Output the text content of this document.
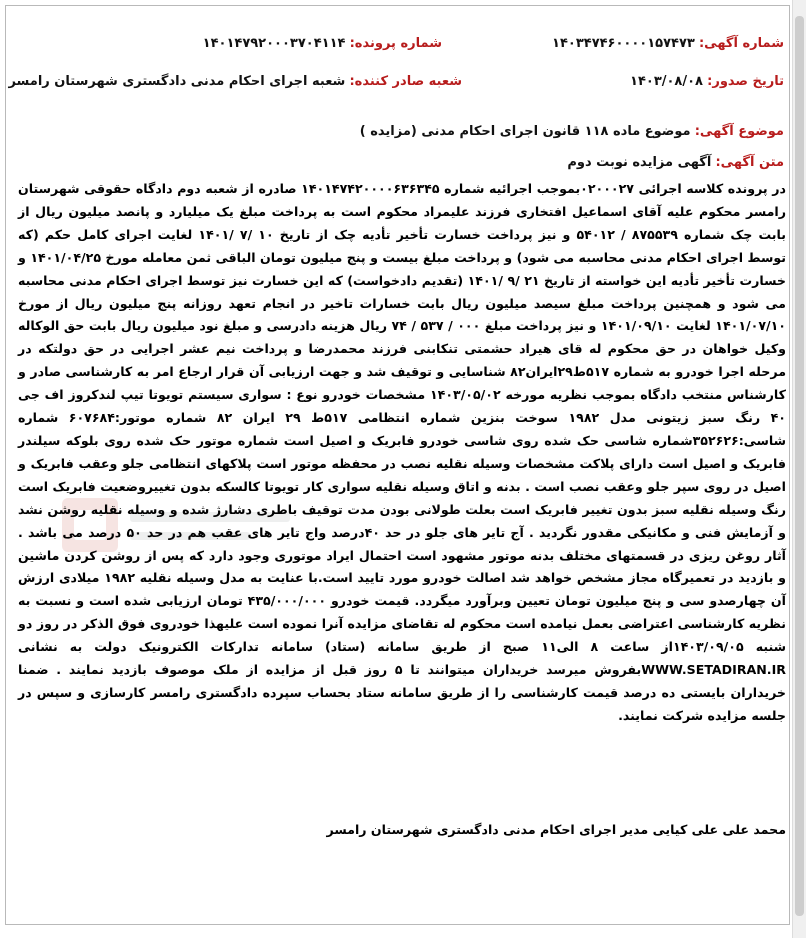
شماره آگهی: ۱۴۰۳۴۷۴۶۰۰۰۰۱۵۷۴۷۳
شماره پرونده: ۱۴۰۱۴۷۹۲۰۰۰۳۷۰۴۱۱۴
تاریخ صدور: ۱۴۰۳/۰۸/۰۸
شعبه صادر کننده: شعبه اجرای احکام مدنی دادگستری شهرستان رامسر
موضوع آگهی: موضوع ماده ۱۱۸ قانون اجرای احکام مدنی (مزایده )
متن آگهی: آگهی مزایده نوبت دوم

در پرونده کلاسه اجرائی ۰۲۰۰۰۲۷بموجب اجرائیه شماره ۱۴۰۱۴۷۴۲۰۰۰۰۶۳۶۳۴۵ صادره از شعبه دوم دادگاه حقوقی شهرستان رامسر محکوم علیه آقای اسماعیل افتخاری فرزند علیمراد محکوم است به پرداخت مبلغ یک میلیارد و پانصد میلیون ریال از بابت چک شماره ۸۷۵۵۳۹ / ۵۴۰۱۲ و نیز پرداخت خسارت تأخیر تأدیه چک از تاریخ ۱۰ /۷ /۱۴۰۱ لغایت اجرای کامل حکم (که توسط اجرای احکام مدنی محاسبه می شود) و پرداخت مبلغ بیست و پنج میلیون تومان الباقی ثمن معامله مورخ ۱۴۰۱/۰۴/۲۵ و خسارت تأخیر تأدیه این خواسته از تاریخ ۲۱ /۹ /۱۴۰۱ (تقدیم دادخواست) که این خسارت نیز توسط اجرای احکام مدنی محاسبه می شود و همچنین پرداخت مبلغ سیصد میلیون ریال بابت خسارات تاخیر در انجام تعهد روزانه پنج میلیون ریال از مورخ ۱۴۰۱/۰۷/۱۰ لغایت ۱۴۰۱/۰۹/۱۰ و نیز پرداخت مبلغ ۰۰۰ / ۵۳۷ / ۷۴ ریال هزینه دادرسی و مبلغ نود میلیون ریال بابت حق الوکاله وکیل خواهان در حق محکوم له قای هیراد حشمتی تنکابنی فرزند محمدرضا و پرداخت نیم عشر اجرایی در حق دولتکه در مرحله اجرا خودرو به شماره ۵۱۷ط۲۹ایران۸۲ شناسایی و توقیف شد و جهت ارزیابی آن قرار ارجاع امر به کارشناسی صادر و کارشناس منتخب دادگاه بموجب نظریه مورخه ۱۴۰۳/۰۵/۰۲ مشخصات خودرو نوع : سواری سیستم تویوتا تیپ لندکروز اف جی ۴۰ رنگ سبز زیتونی مدل ۱۹۸۲ سوخت بنزین شماره انتظامی ۵۱۷ط ۲۹ ایران ۸۲ شماره موتور:۶۰۷۶۸۴ شماره شاسی:۳۵۲۶۲۶شماره شاسی حک شده روی شاسی خودرو فابریک و اصیل است شماره موتور حک شده روی بلوکه سیلندر فابریک و اصیل است دارای پلاکت مشخصات وسیله نقلیه نصب در محفظه موتور است پلاکهای انتظامی جلو وعقب فابریک و اصیل در روی سپر جلو وعقب نصب است . بدنه و اتاق وسیله نقلیه سواری کار تویوتا کالسکه بدون تغییروضعیت فابریک است رنگ وسیله نقلیه سبز بدون تغییر فابریک است بعلت طولانی بودن مدت توقیف باطری دشارژ شده و وسیله نقلیه روشن نشد و آزمایش فنی و مکانیکی مقدور نگردید . آج تایر های جلو در حد ۴۰درصد واج تایر های عقب هم در حد ۵۰ درصد می باشد . آثار روغن ریزی در قسمتهای مختلف بدنه موتور مشهود است احتمال ایراد موتوری وجود دارد که پس از روشن کردن ماشین و بازدید در تعمیرگاه مجاز مشخص خواهد شد اصالت خودرو مورد تایید است.با عنایت به مدل وسیله نقلیه ۱۹۸۲ میلادی ارزش آن چهارصدو سی و پنج میلیون تومان تعیین وبرآورد میگردد. قیمت خودرو ۴۳۵/۰۰۰/۰۰۰ تومان ارزیابی شده است و نسبت به نظریه کارشناسی اعتراضی بعمل نیامده است محکوم له تقاضای مزایده آنرا نموده است علیهذا خودروی فوق الذکر در روز دو شنبه ۱۴۰۳/۰۹/۰۵از ساعت ۸ الی۱۱ صبح از طریق سامانه (ستاد) سامانه تدارکات الکترونیک دولت به نشانی WWW.SETADIRAN.IRبفروش میرسد خریداران میتوانند تا ۵ روز قبل از مزایده از ملک موصوف بازدید نمایند . ضمنا خریداران بایستی ده درصد قیمت کارشناسی را از طریق سامانه ستاد بحساب سپرده دادگستری رامسر کارسازی و سپس در جلسه مزایده شرکت نمایند.

محمد علی علی کیایی مدیر اجرای احکام مدنی دادگستری شهرستان رامسر
